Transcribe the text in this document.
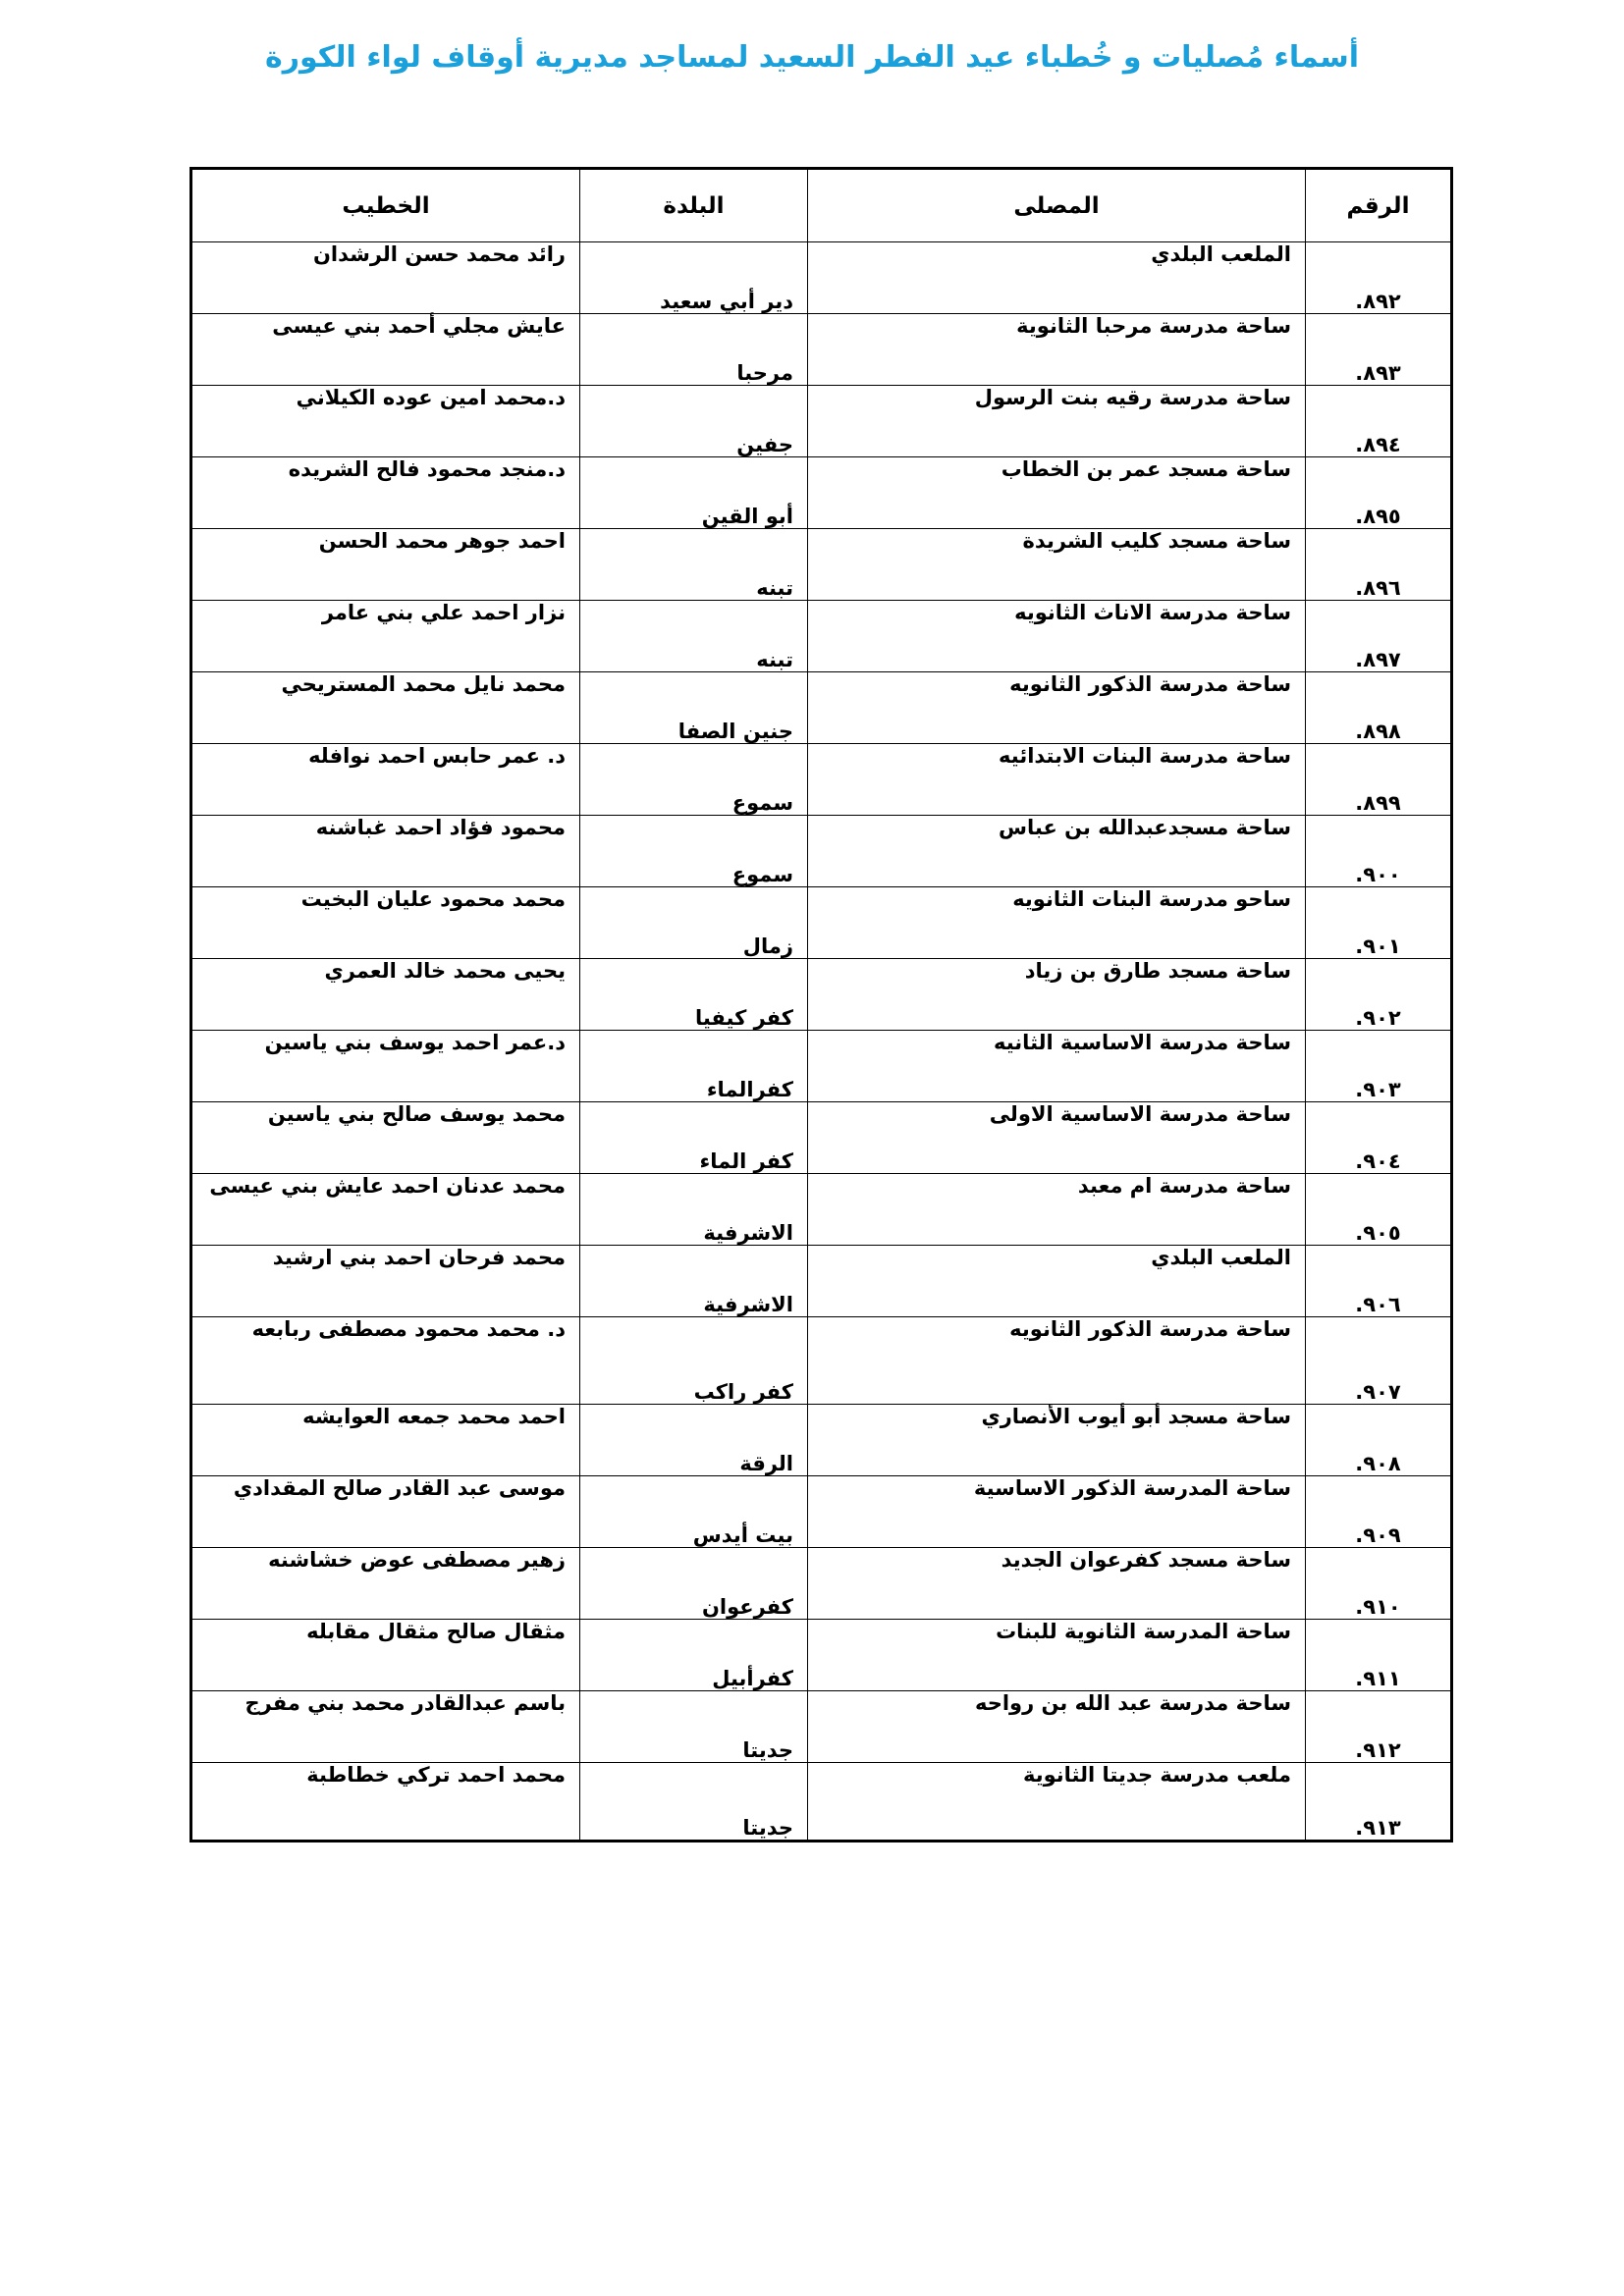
أسماء مُصليات و خُطباء عيد الفطر السعيد لمساجد مديرية أوقاف لواء الكورة
الرقم	المصلى	البلدة	الخطيب
٨٩٢.	الملعب البلدي	دير أبي سعيد	رائد محمد حسن الرشدان
٨٩٣.	ساحة مدرسة مرحبا الثانوية	مرحبا	عايش مجلي أحمد بني عيسى
٨٩٤.	ساحة مدرسة رقيه بنت الرسول	جفين	د.محمد امين عوده الكيلاني
٨٩٥.	ساحة مسجد عمر بن الخطاب	أبو القين	د.منجد محمود فالح الشريده
٨٩٦.	ساحة مسجد كليب الشريدة	تبنه	احمد جوهر محمد الحسن
٨٩٧.	ساحة مدرسة الاناث الثانويه	تبنه	نزار احمد علي بني عامر
٨٩٨.	ساحة مدرسة الذكور الثانويه	جنين الصفا	محمد نايل محمد المستريحي
٨٩٩.	ساحة مدرسة البنات الابتدائيه	سموع	د. عمر حابس احمد نوافله
٩٠٠.	ساحة مسجدعبدالله بن عباس	سموع	محمود فؤاد احمد غباشنه
٩٠١.	ساحو مدرسة البنات الثانويه	زمال	محمد محمود عليان البخيت
٩٠٢.	ساحة مسجد طارق بن زياد	كفر كيفيا	يحيى محمد خالد العمري
٩٠٣.	ساحة مدرسة الاساسية الثانيه	كفرالماء	د.عمر احمد يوسف بني ياسين
٩٠٤.	ساحة مدرسة الاساسية الاولى	كفر الماء	محمد يوسف صالح بني ياسين
٩٠٥.	ساحة مدرسة ام معبد	الاشرفية	محمد عدنان احمد عايش بني عيسى
٩٠٦.	الملعب البلدي	الاشرفية	محمد فرحان احمد بني ارشيد
٩٠٧.	ساحة مدرسة الذكور الثانويه	كفر راكب	د. محمد محمود مصطفى ربابعه
٩٠٨.	ساحة مسجد أبو أيوب الأنصاري	الرقة	احمد محمد جمعه العوايشه
٩٠٩.	ساحة المدرسة الذكور الاساسية	بيت أيدس	موسى عبد القادر صالح المقدادي
٩١٠.	ساحة مسجد كفرعوان الجديد	كفرعوان	زهير مصطفى عوض خشاشنه
٩١١.	ساحة المدرسة الثانوية للبنات	كفرأبيل	مثقال صالح مثقال مقابله
٩١٢.	ساحة مدرسة عبد الله بن رواحه	جديتا	باسم عبدالقادر محمد بني مفرج
٩١٣.	ملعب مدرسة جديتا الثانوية	جديتا	محمد احمد تركي خطاطبة
